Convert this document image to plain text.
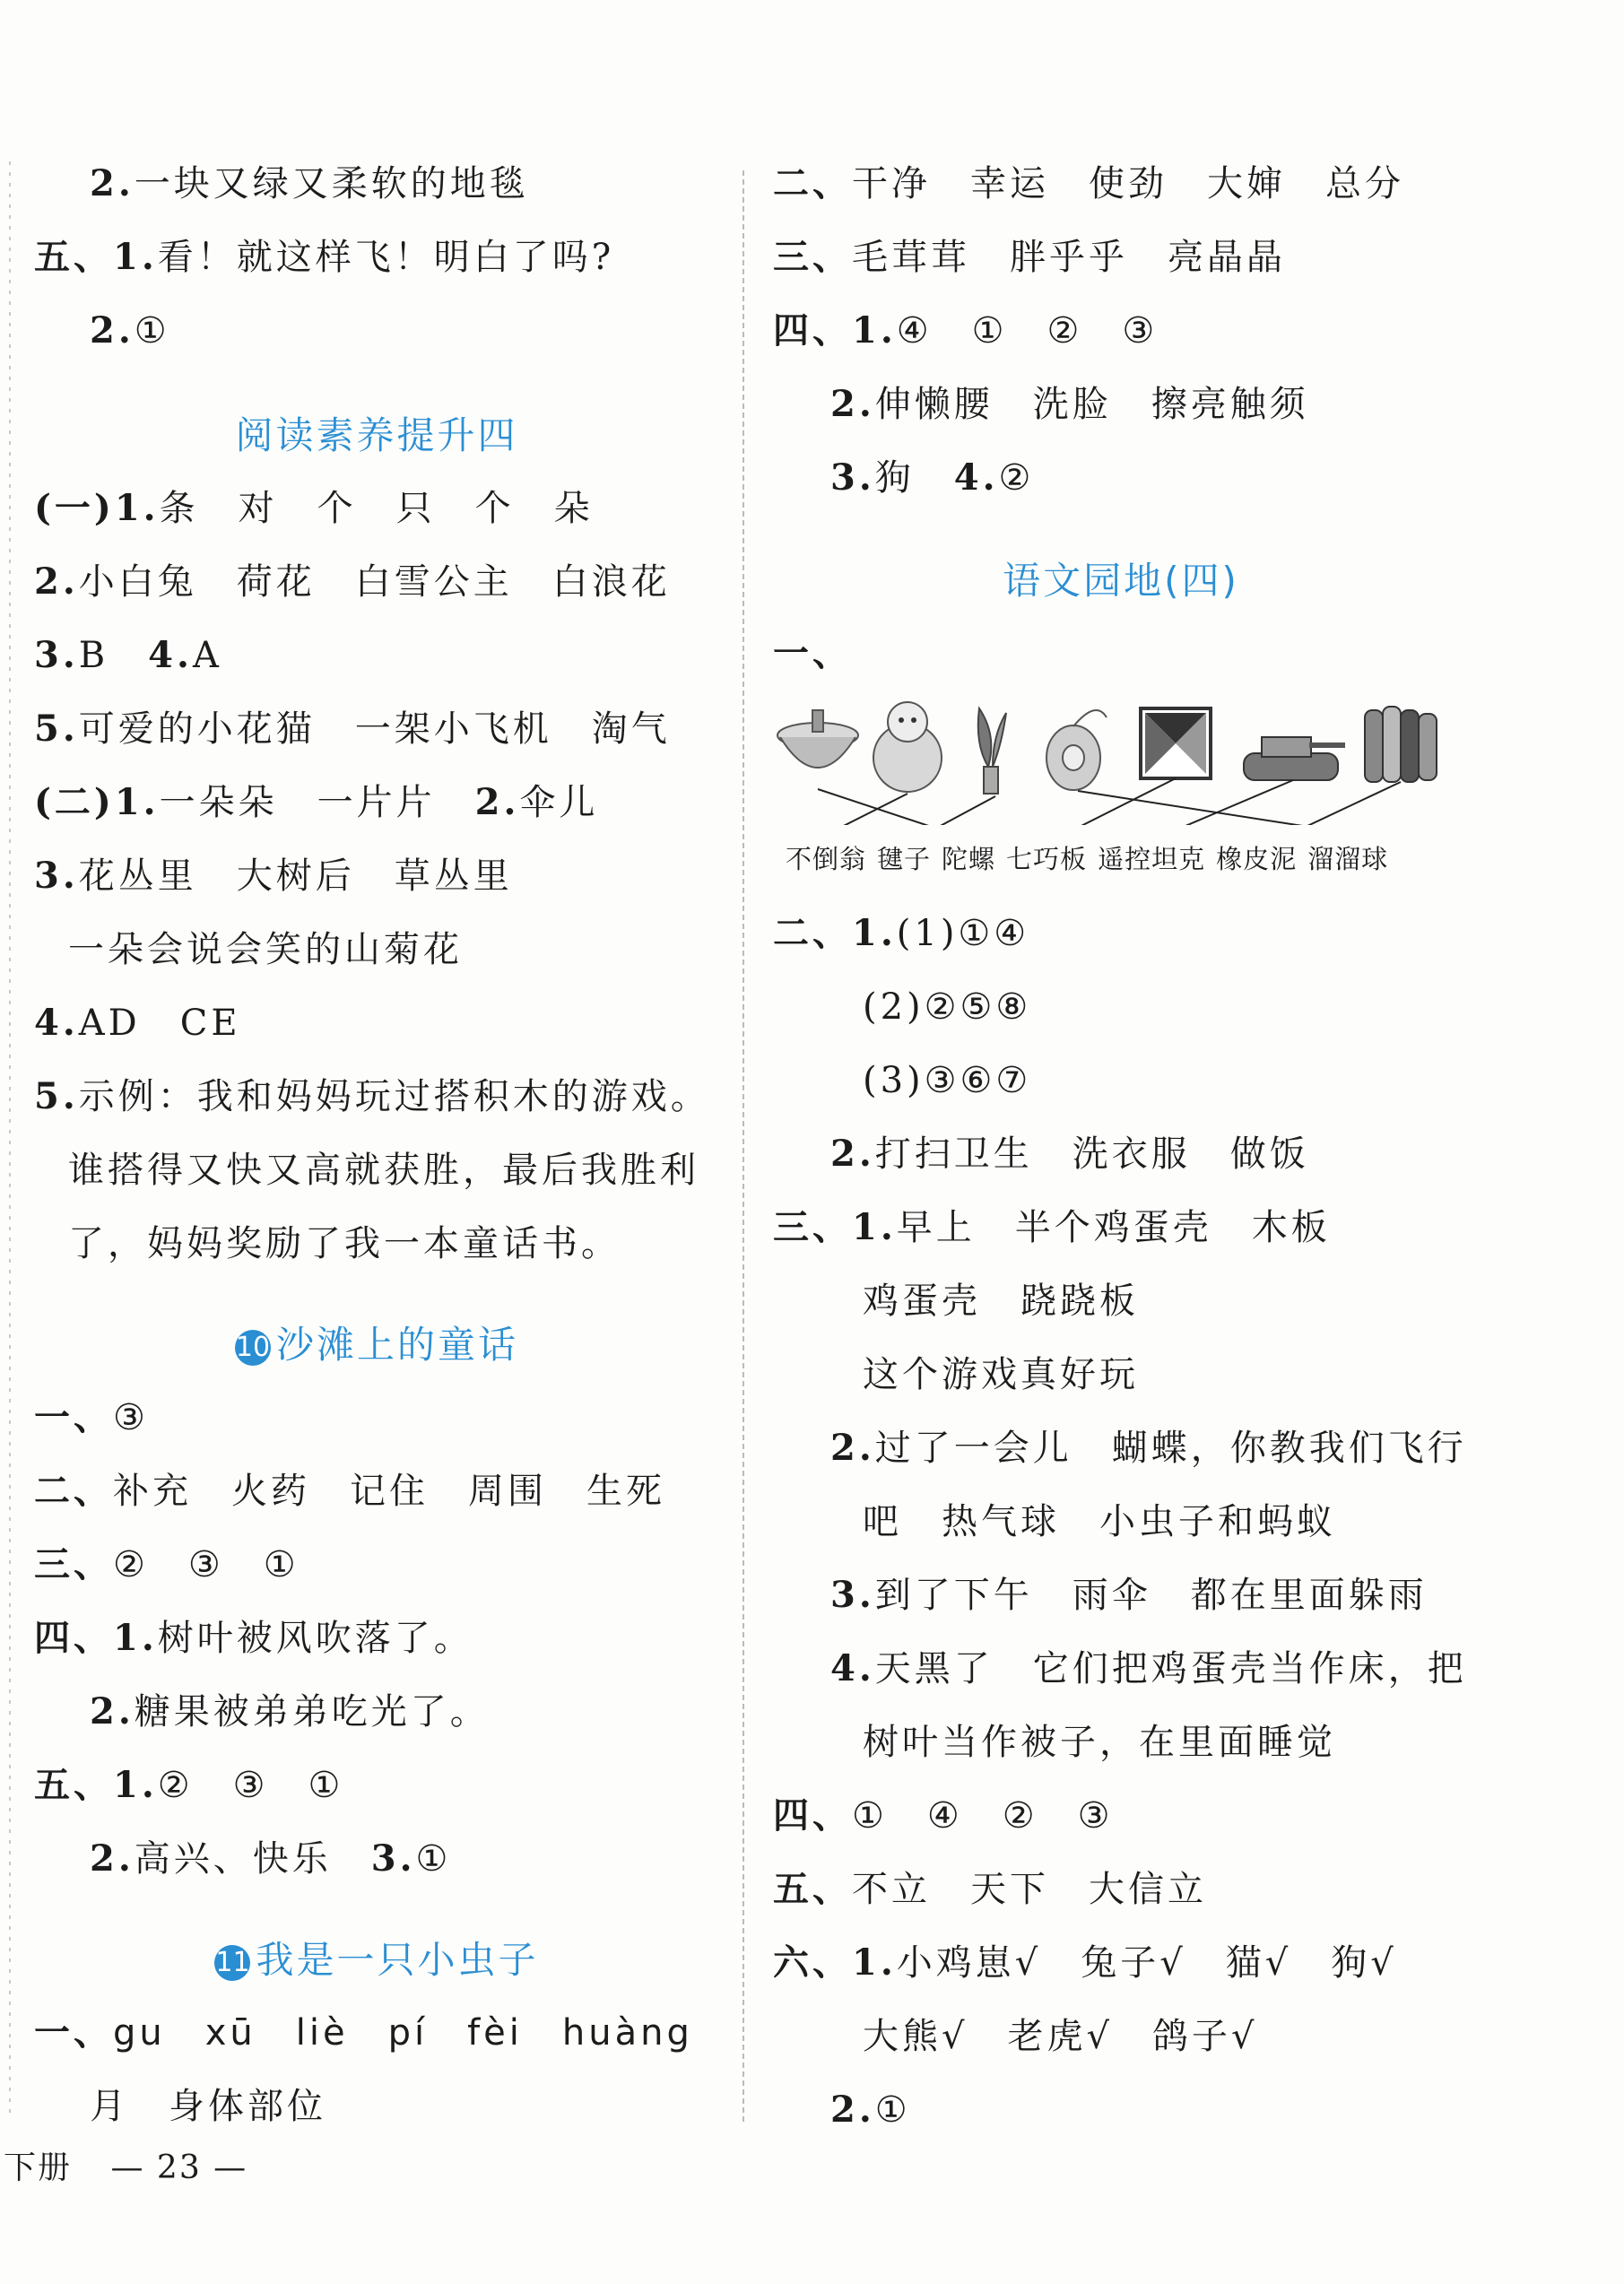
2.一块又绿又柔软的地毯
五、1.看！就这样飞！明白了吗?
2.①
阅读素养提升四
(一)1.条　对　个　只　个　朵
2.小白兔　荷花　白雪公主　白浪花
3.B　4.A
5.可爱的小花猫　一架小飞机　淘气
(二)1.一朵朵　一片片　2.伞儿
3.花丛里　大树后　草丛里
一朵会说会笑的山菊花
4.AD　CE
5.示例：我和妈妈玩过搭积木的游戏。
谁搭得又快又高就获胜，最后我胜利
了，妈妈奖励了我一本童话书。
10 沙滩上的童话
一、③
二、补充　火药　记住　周围　生死
三、②　③　①
四、1.树叶被风吹落了。
2.糖果被弟弟吃光了。
五、1.②　③　①
2.高兴、快乐　3.①
11 我是一只小虫子
一、gu　xū　liè　pí　fèi　huàng
月　身体部位
二、干净　幸运　使劲　大婶　总分
三、毛茸茸　胖乎乎　亮晶晶
四、1.④　①　②　③
2.伸懒腰　洗脸　擦亮触须
3.狗　4.②
语文园地(四)
一、
不倒翁 毽子 陀螺 七巧板 遥控坦克 橡皮泥 溜溜球
二、1.(1)①④
(2)②⑤⑧
(3)③⑥⑦
2.打扫卫生　洗衣服　做饭
三、1.早上　半个鸡蛋壳　木板
鸡蛋壳　跷跷板
这个游戏真好玩
2.过了一会儿　蝴蝶，你教我们飞行
吧　热气球　小虫子和蚂蚁
3.到了下午　雨伞　都在里面躲雨
4.天黑了　它们把鸡蛋壳当作床，把
树叶当作被子，在里面睡觉
四、①　④　②　③
五、不立　天下　大信立
六、1.小鸡崽√　兔子√　猫√　狗√
大熊√　老虎√　鸽子√
2.①
下册 — 23 —
